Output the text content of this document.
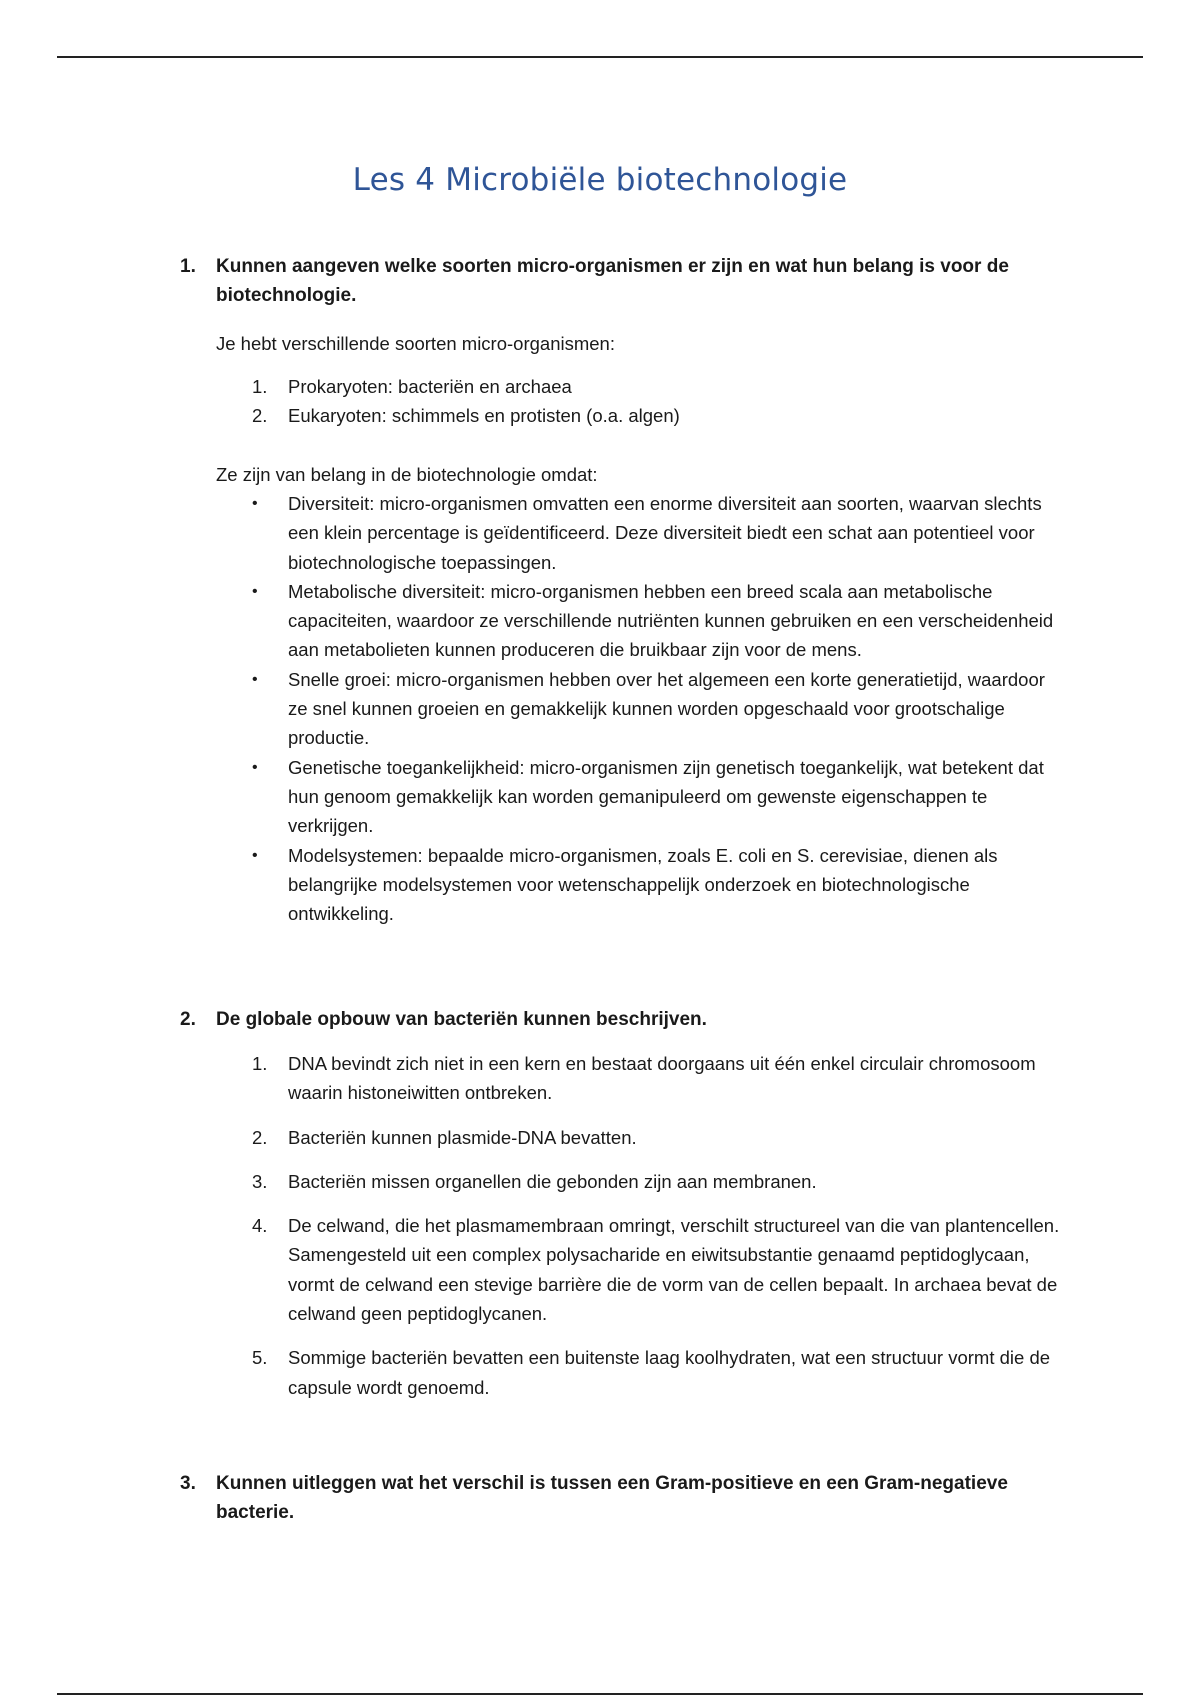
Les 4 Microbiële biotechnologie
1.	Kunnen aangeven welke soorten micro-organismen er zijn en wat hun belang is voor de biotechnologie.
Je hebt verschillende soorten micro-organismen:
1. Prokaryoten: bacteriën en archaea
2. Eukaryoten: schimmels en protisten (o.a. algen)
Ze zijn van belang in de biotechnologie omdat:
• Diversiteit: micro-organismen omvatten een enorme diversiteit aan soorten, waarvan slechts een klein percentage is geïdentificeerd. Deze diversiteit biedt een schat aan potentieel voor biotechnologische toepassingen.
• Metabolische diversiteit: micro-organismen hebben een breed scala aan metabolische capaciteiten, waardoor ze verschillende nutriënten kunnen gebruiken en een verscheidenheid aan metabolieten kunnen produceren die bruikbaar zijn voor de mens.
• Snelle groei: micro-organismen hebben over het algemeen een korte generatietijd, waardoor ze snel kunnen groeien en gemakkelijk kunnen worden opgeschaald voor grootschalige productie.
• Genetische toegankelijkheid: micro-organismen zijn genetisch toegankelijk, wat betekent dat hun genoom gemakkelijk kan worden gemanipuleerd om gewenste eigenschappen te verkrijgen.
• Modelsystemen: bepaalde micro-organismen, zoals E. coli en S. cerevisiae, dienen als belangrijke modelsystemen voor wetenschappelijk onderzoek en biotechnologische ontwikkeling.
2.	De globale opbouw van bacteriën kunnen beschrijven.
1. DNA bevindt zich niet in een kern en bestaat doorgaans uit één enkel circulair chromosoom waarin histoneiwitten ontbreken.
2. Bacteriën kunnen plasmide-DNA bevatten.
3. Bacteriën missen organellen die gebonden zijn aan membranen.
4. De celwand, die het plasmamembraan omringt, verschilt structureel van die van plantencellen. Samengesteld uit een complex polysacharide en eiwitsubstantie genaamd peptidoglycaan, vormt de celwand een stevige barrière die de vorm van de cellen bepaalt. In archaea bevat de celwand geen peptidoglycanen.
5. Sommige bacteriën bevatten een buitenste laag koolhydraten, wat een structuur vormt die de capsule wordt genoemd.
3.	Kunnen uitleggen wat het verschil is tussen een Gram-positieve en een Gram-negatieve bacterie.
